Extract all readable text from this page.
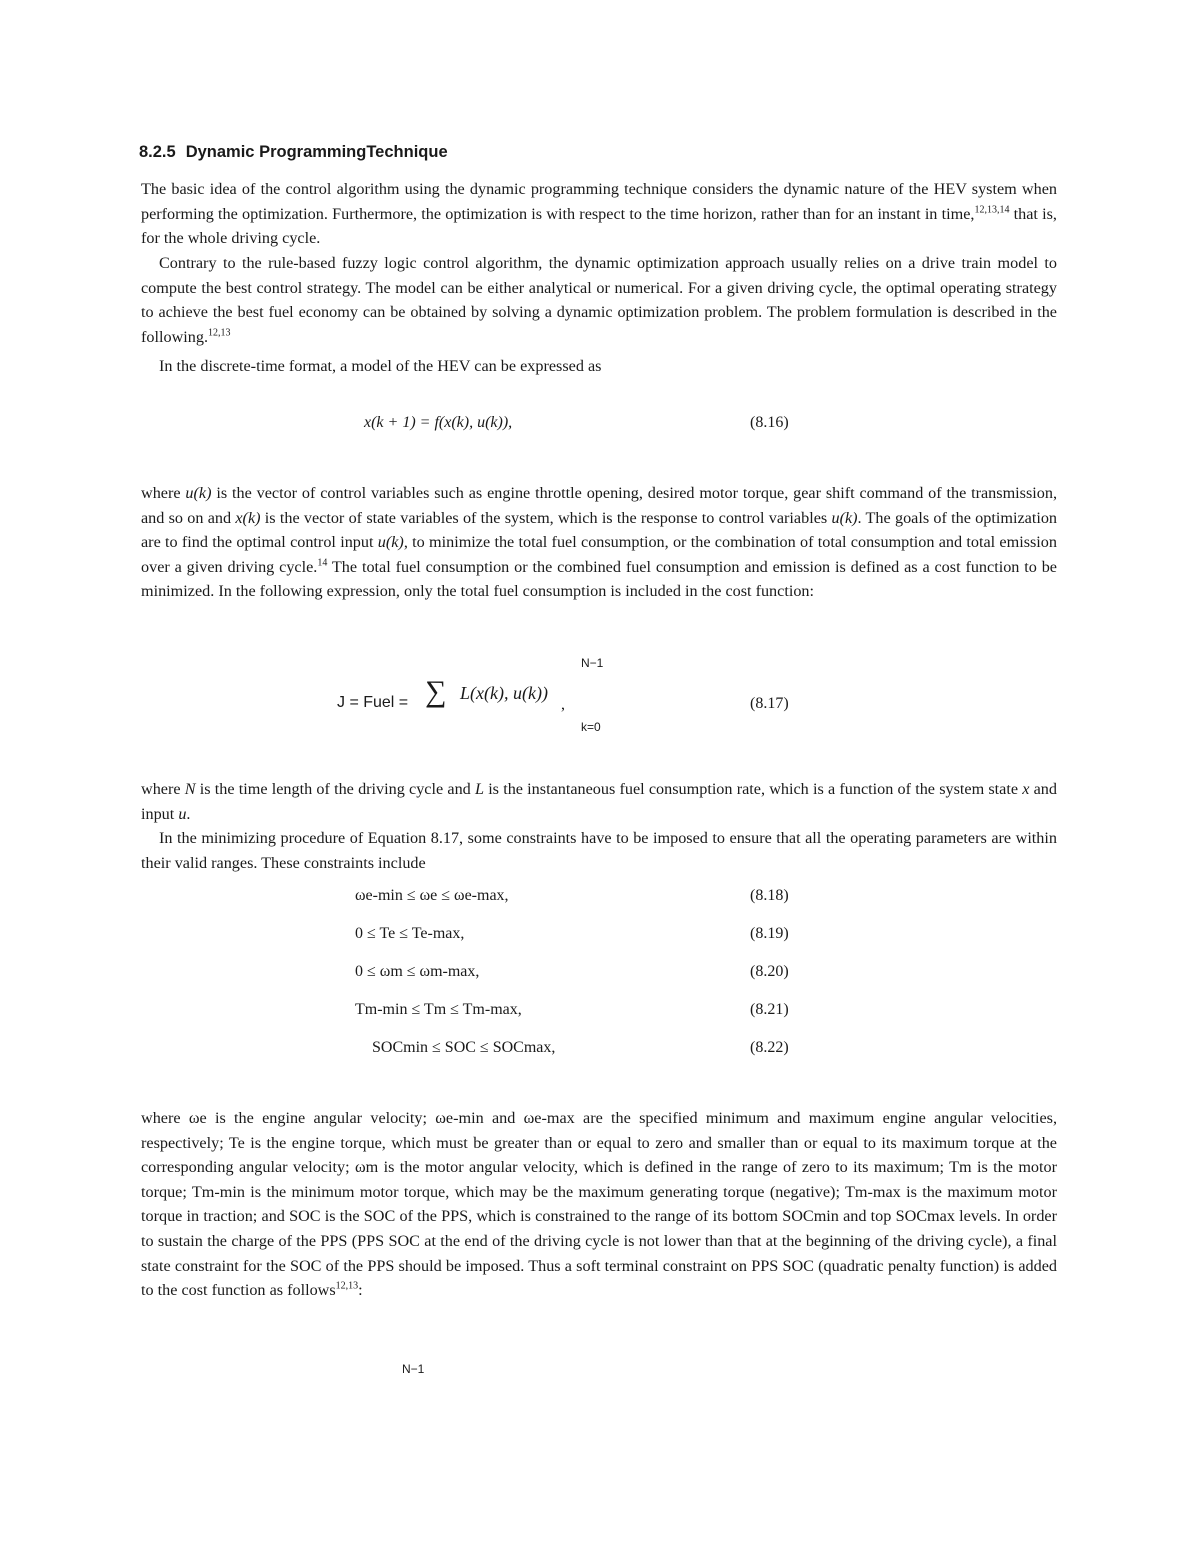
8.2.5 Dynamic ProgrammingTechnique

The basic idea of the control algorithm using the dynamic programming technique considers the dynamic nature of the HEV system when performing the optimization. Furthermore, the optimization is with respect to the time horizon, rather than for an instant in time,$^{12,13,14}$ that is, for the whole driving cycle.

Contrary to the rule-based fuzzy logic control algorithm, the dynamic optimization approach usually relies on a drive train model to compute the best control strategy. The model can be either analytical or numerical. For a given driving cycle, the optimal operating strategy to achieve the best fuel economy can be obtained by solving a dynamic optimization problem. The problem formulation is described in the following.$^{12,13}$

In the discrete-time format, a model of the HEV can be expressed as

x(k + 1) = f(x(k), u(k)),	(8.16)

where u(k) is the vector of control variables such as engine throttle opening, desired motor torque, gear shift command of the transmission, and so on and x(k) is the vector of state variables of the system, which is the response to control variables u(k). The goals of the optimization are to find the optimal control input u(k), to minimize the total fuel consumption, or the combination of total consumption and total emission over a given driving cycle.$^{14}$ The total fuel consumption or the combined fuel consumption and emission is defined as a cost function to be minimized. In the following expression, only the total fuel consumption is included in the cost function:

N−1
J = Fuel = ∑ L(x(k), u(k))
,
k=0
(8.17)

where N is the time length of the driving cycle and L is the instantaneous fuel consumption rate, which is a function of the system state x and input u.

In the minimizing procedure of Equation 8.17, some constraints have to be imposed to ensure that all the operating parameters are within their valid ranges. These constraints include

ωe-min ≤ ωe ≤ ωe-max,	(8.18)
0 ≤ Te ≤ Te-max,	(8.19)
0 ≤ ωm ≤ ωm-max,	(8.20)
Tm-min ≤ Tm ≤ Tm-max,	(8.21)
SOCmin ≤ SOC ≤ SOCmax,	(8.22)

where ωe is the engine angular velocity; ωe-min and ωe-max are the specified minimum and maximum engine angular velocities, respectively; Te is the engine torque, which must be greater than or equal to zero and smaller than or equal to its maximum torque at the corresponding angular velocity; ωm is the motor angular velocity, which is defined in the range of zero to its maximum; Tm is the motor torque; Tm-min is the minimum motor torque, which may be the maximum generating torque (negative); Tm-max is the maximum motor torque in traction; and SOC is the SOC of the PPS, which is constrained to the range of its bottom SOCmin and top SOCmax levels. In order to sustain the charge of the PPS (PPS SOC at the end of the driving cycle is not lower than that at the beginning of the driving cycle), a final state constraint for the SOC of the PPS should be imposed. Thus a soft terminal constraint on PPS SOC (quadratic penalty function) is added to the cost function as follows$^{12,13}$:

N−1
